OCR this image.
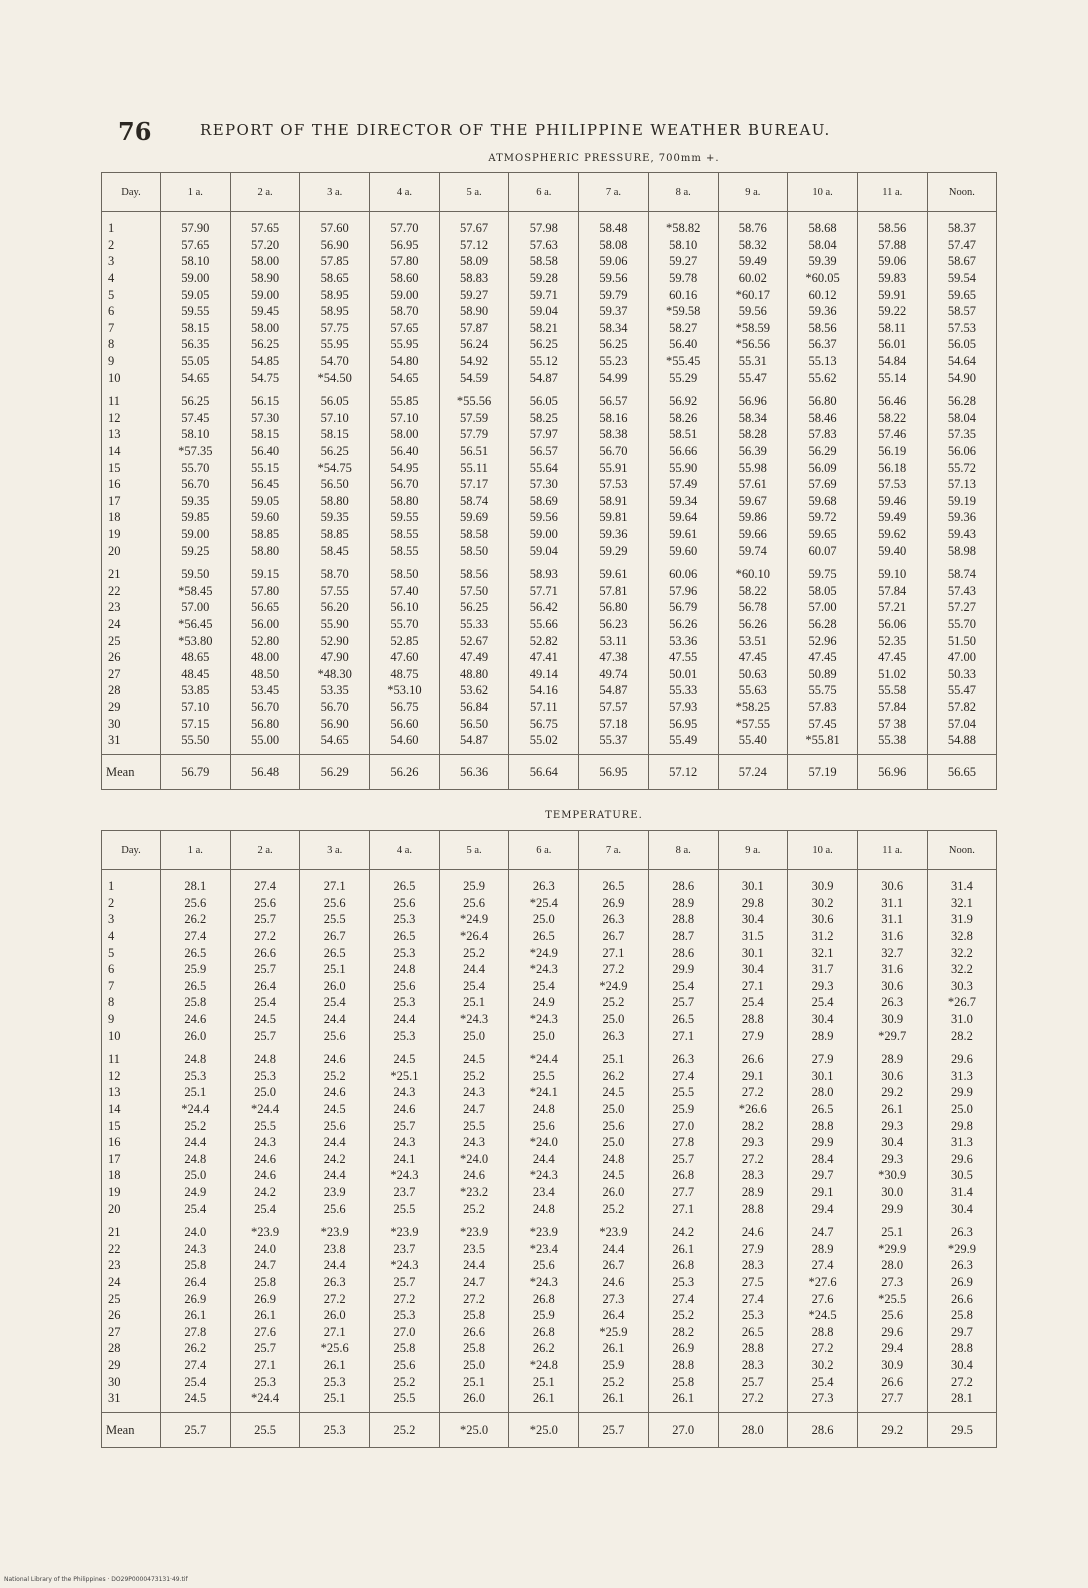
76	REPORT OF THE DIRECTOR OF THE PHILIPPINE WEATHER BUREAU.
ATMOSPHERIC PRESSURE, 700mm +.
Day.	1 a.	2 a.	3 a.	4 a.	5 a.	6 a.	7 a.	8 a.	9 a.	10 a.	11 a.	Noon.
1	57.90	57.65	57.60	57.70	57.67	57.98	58.48	*58.82	58.76	58.68	58.56	58.37
2	57.65	57.20	56.90	56.95	57.12	57.63	58.08	58.10	58.32	58.04	57.88	57.47
3	58.10	58.00	57.85	57.80	58.09	58.58	59.06	59.27	59.49	59.39	59.06	58.67
4	59.00	58.90	58.65	58.60	58.83	59.28	59.56	59.78	60.02	*60.05	59.83	59.54
5	59.05	59.00	58.95	59.00	59.27	59.71	59.79	60.16	*60.17	60.12	59.91	59.65
6	59.55	59.45	58.95	58.70	58.90	59.04	59.37	*59.58	59.56	59.36	59.22	58.57
7	58.15	58.00	57.75	57.65	57.87	58.21	58.34	58.27	*58.59	58.56	58.11	57.53
8	56.35	56.25	55.95	55.95	56.24	56.25	56.25	56.40	*56.56	56.37	56.01	56.05
9	55.05	54.85	54.70	54.80	54.92	55.12	55.23	*55.45	55.31	55.13	54.84	54.64
10	54.65	54.75	*54.50	54.65	54.59	54.87	54.99	55.29	55.47	55.62	55.14	54.90
11	56.25	56.15	56.05	55.85	*55.56	56.05	56.57	56.92	56.96	56.80	56.46	56.28
12	57.45	57.30	57.10	57.10	57.59	58.25	58.16	58.26	58.34	58.46	58.22	58.04
13	58.10	58.15	58.15	58.00	57.79	57.97	58.38	58.51	58.28	57.83	57.46	57.35
14	*57.35	56.40	56.25	56.40	56.51	56.57	56.70	56.66	56.39	56.29	56.19	56.06
15	55.70	55.15	*54.75	54.95	55.11	55.64	55.91	55.90	55.98	56.09	56.18	55.72
16	56.70	56.45	56.50	56.70	57.17	57.30	57.53	57.49	57.61	57.69	57.53	57.13
17	59.35	59.05	58.80	58.80	58.74	58.69	58.91	59.34	59.67	59.68	59.46	59.19
18	59.85	59.60	59.35	59.55	59.69	59.56	59.81	59.64	59.86	59.72	59.49	59.36
19	59.00	58.85	58.85	58.55	58.58	59.00	59.36	59.61	59.66	59.65	59.62	59.43
20	59.25	58.80	58.45	58.55	58.50	59.04	59.29	59.60	59.74	60.07	59.40	58.98
21	59.50	59.15	58.70	58.50	58.56	58.93	59.61	60.06	*60.10	59.75	59.10	58.74
22	*58.45	57.80	57.55	57.40	57.50	57.71	57.81	57.96	58.22	58.05	57.84	57.43
23	57.00	56.65	56.20	56.10	56.25	56.42	56.80	56.79	56.78	57.00	57.21	57.27
24	*56.45	56.00	55.90	55.70	55.33	55.66	56.23	56.26	56.26	56.28	56.06	55.70
25	*53.80	52.80	52.90	52.85	52.67	52.82	53.11	53.36	53.51	52.96	52.35	51.50
26	48.65	48.00	47.90	47.60	47.49	47.41	47.38	47.55	47.45	47.45	47.45	47.00
27	48.45	48.50	*48.30	48.75	48.80	49.14	49.74	50.01	50.63	50.89	51.02	50.33
28	53.85	53.45	53.35	*53.10	53.62	54.16	54.87	55.33	55.63	55.75	55.58	55.47
29	57.10	56.70	56.70	56.75	56.84	57.11	57.57	57.93	*58.25	57.83	57.84	57.82
30	57.15	56.80	56.90	56.60	56.50	56.75	57.18	56.95	*57.55	57.45	57 38	57.04
31	55.50	55.00	54.65	54.60	54.87	55.02	55.37	55.49	55.40	*55.81	55.38	54.88
Mean	56.79	56.48	56.29	56.26	56.36	56.64	56.95	57.12	57.24	57.19	56.96	56.65
TEMPERATURE.
Day.	1 a.	2 a.	3 a.	4 a.	5 a.	6 a.	7 a.	8 a.	9 a.	10 a.	11 a.	Noon.
1	28.1	27.4	27.1	26.5	25.9	26.3	26.5	28.6	30.1	30.9	30.6	31.4
2	25.6	25.6	25.6	25.6	25.6	*25.4	26.9	28.9	29.8	30.2	31.1	32.1
3	26.2	25.7	25.5	25.3	*24.9	25.0	26.3	28.8	30.4	30.6	31.1	31.9
4	27.4	27.2	26.7	26.5	*26.4	26.5	26.7	28.7	31.5	31.2	31.6	32.8
5	26.5	26.6	26.5	25.3	25.2	*24.9	27.1	28.6	30.1	32.1	32.7	32.2
6	25.9	25.7	25.1	24.8	24.4	*24.3	27.2	29.9	30.4	31.7	31.6	32.2
7	26.5	26.4	26.0	25.6	25.4	25.4	*24.9	25.4	27.1	29.3	30.6	30.3
8	25.8	25.4	25.4	25.3	25.1	24.9	25.2	25.7	25.4	25.4	26.3	*26.7
9	24.6	24.5	24.4	24.4	*24.3	*24.3	25.0	26.5	28.8	30.4	30.9	31.0
10	26.0	25.7	25.6	25.3	25.0	25.0	26.3	27.1	27.9	28.9	*29.7	28.2
11	24.8	24.8	24.6	24.5	24.5	*24.4	25.1	26.3	26.6	27.9	28.9	29.6
12	25.3	25.3	25.2	*25.1	25.2	25.5	26.2	27.4	29.1	30.1	30.6	31.3
13	25.1	25.0	24.6	24.3	24.3	*24.1	24.5	25.5	27.2	28.0	29.2	29.9
14	*24.4	*24.4	24.5	24.6	24.7	24.8	25.0	25.9	*26.6	26.5	26.1	25.0
15	25.2	25.5	25.6	25.7	25.5	25.6	25.6	27.0	28.2	28.8	29.3	29.8
16	24.4	24.3	24.4	24.3	24.3	*24.0	25.0	27.8	29.3	29.9	30.4	31.3
17	24.8	24.6	24.2	24.1	*24.0	24.4	24.8	25.7	27.2	28.4	29.3	29.6
18	25.0	24.6	24.4	*24.3	24.6	*24.3	24.5	26.8	28.3	29.7	*30.9	30.5
19	24.9	24.2	23.9	23.7	*23.2	23.4	26.0	27.7	28.9	29.1	30.0	31.4
20	25.4	25.4	25.6	25.5	25.2	24.8	25.2	27.1	28.8	29.4	29.9	30.4
21	24.0	*23.9	*23.9	*23.9	*23.9	*23.9	*23.9	24.2	24.6	24.7	25.1	26.3
22	24.3	24.0	23.8	23.7	23.5	*23.4	24.4	26.1	27.9	28.9	*29.9	*29.9
23	25.8	24.7	24.4	*24.3	24.4	25.6	26.7	26.8	28.3	27.4	28.0	26.3
24	26.4	25.8	26.3	25.7	24.7	*24.3	24.6	25.3	27.5	*27.6	27.3	26.9
25	26.9	26.9	27.2	27.2	27.2	26.8	27.3	27.4	27.4	27.6	*25.5	26.6
26	26.1	26.1	26.0	25.3	25.8	25.9	26.4	25.2	25.3	*24.5	25.6	25.8
27	27.8	27.6	27.1	27.0	26.6	26.8	*25.9	28.2	26.5	28.8	29.6	29.7
28	26.2	25.7	*25.6	25.8	25.8	26.2	26.1	26.9	28.8	27.2	29.4	28.8
29	27.4	27.1	26.1	25.6	25.0	*24.8	25.9	28.8	28.3	30.2	30.9	30.4
30	25.4	25.3	25.3	25.2	25.1	25.1	25.2	25.8	25.7	25.4	26.6	27.2
31	24.5	*24.4	25.1	25.5	26.0	26.1	26.1	26.1	27.2	27.3	27.7	28.1
Mean	25.7	25.5	25.3	25.2	*25.0	*25.0	25.7	27.0	28.0	28.6	29.2	29.5
National Library of the Philippines · DO29P0000473131·49.tif
